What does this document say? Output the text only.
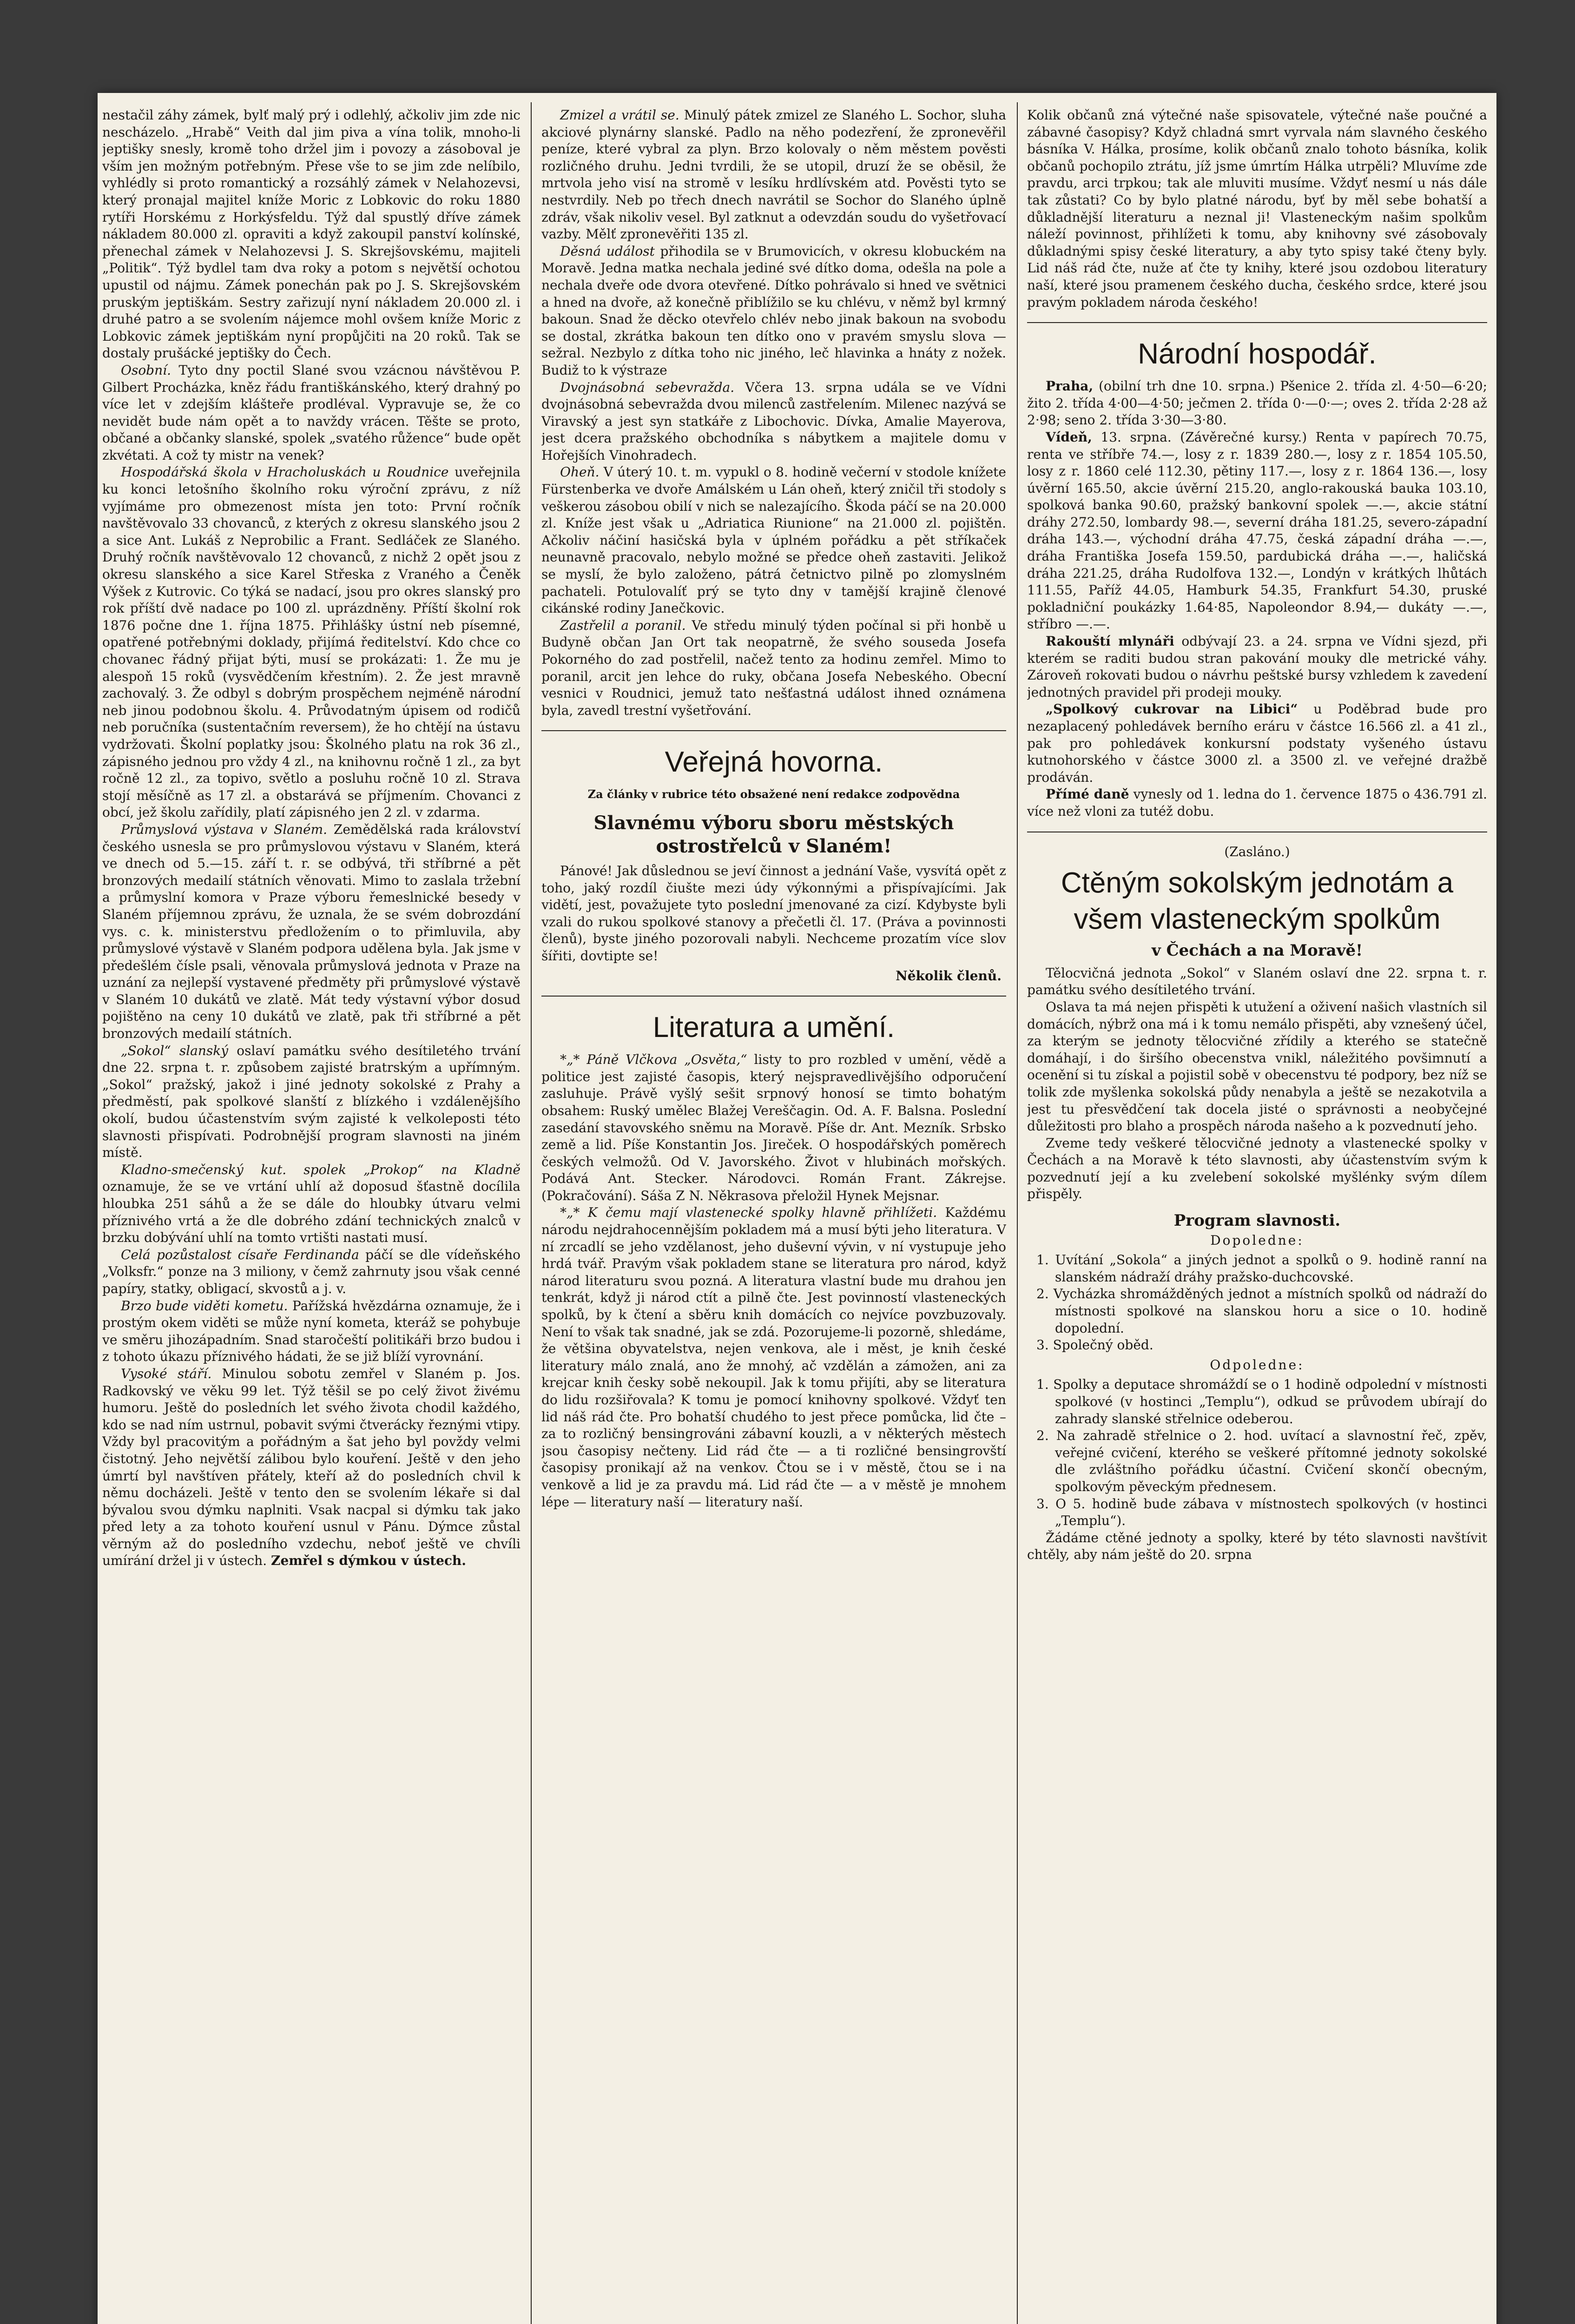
nestačil záhy zámek, bylť malý prý i odlehlý, ačkoliv jim zde nic nescházelo. „Hrabě“ Veith dal jim piva a vína tolik, mnoho-li jeptišky snesly, kromě toho držel jim i povozy a zásoboval je vším jen možným potřebným. Přese vše to se jim zde nelíbilo, vyhlédly si proto romantický a rozsáhlý zámek v Nelahozevsi, který pronajal majitel kníže Moric z Lobkovic do roku 1880 rytíři Horskému z Horkýsfeldu. Týž dal spustlý dříve zámek nákladem 80.000 zl. opraviti a když zakoupil panství kolínské, přenechal zámek v Nelahozevsi J. S. Skrejšovskému, majiteli „Politik“. Týž bydlel tam dva roky a potom s největší ochotou upustil od nájmu. Zámek ponechán pak po J. S. Skrejšovském pruským jeptiškám. Sestry zařizují nyní nákladem 20.000 zl. i druhé patro a se svolením nájemce mohl ovšem kníže Moric z Lobkovic zámek jeptiškám nyní propůjčiti na 20 roků. Tak se dostaly prušácké jeptišky do Čech.

Osobní. Tyto dny poctil Slané svou vzácnou návštěvou P. Gilbert Procházka, kněz řádu františkánského, který drahný po více let v zdejším klášteře prodléval. Vypravuje se, že co nevidět bude nám opět a to navždy vrácen. Těšte se proto, občané a občanky slanské, spolek „svatého růžence“ bude opět zkvétati. A což ty mistr na venek?

Hospodářská škola v Hracholuskách u Roudnice uveřejnila ku konci letošního školního roku výroční zprávu, z níž vyjímáme pro obmezenost místa jen toto: První ročník navštěvovalo 33 chovanců, z kterých z okresu slanského jsou 2 a sice Ant. Lukáš z Neprobilic a Frant. Sedláček ze Slaného. Druhý ročník navštěvovalo 12 chovanců, z nichž 2 opět jsou z okresu slanského a sice Karel Střeska z Vraného a Čeněk Výšek z Kutrovic. Co týká se nadací, jsou pro okres slanský pro rok příští dvě nadace po 100 zl. uprázdněny. Příští školní rok 1876 počne dne 1. října 1875. Přihlášky ústní neb písemné, opatřené potřebnými doklady, přijímá ředitelství. Kdo chce co chovanec řádný přijat býti, musí se prokázati: 1. Že mu je alespoň 15 roků (vysvědčením křestním). 2. Že jest mravně zachovalý. 3. Že odbyl s dobrým prospěchem nejméně národní neb jinou podobnou školu. 4. Průvodatným úpisem od rodičů neb poručníka (sustentačním reversem), že ho chtějí na ústavu vydržovati. Školní poplatky jsou: Školného platu na rok 36 zl., zápisného jednou pro vždy 4 zl., na knihovnu ročně 1 zl., za byt ročně 12 zl., za topivo, světlo a posluhu ročně 10 zl. Strava stojí měsíčně as 17 zl. a obstarává se příjmením. Chovanci z obcí, jež školu zařídily, platí zápisného jen 2 zl. v zdarma.

Průmyslová výstava v Slaném. Zemědělská rada království českého usnesla se pro průmyslovou výstavu v Slaném, která ve dnech od 5.—15. září t. r. se odbývá, tři stříbrné a pět bronzových medailí státních věnovati. Mimo to zaslala tržební a průmyslní komora v Praze výboru řemeslnické besedy v Slaném příjemnou zprávu, že uznala, že se svém dobrozdání vys. c. k. ministerstvu předložením o to přimluvila, aby průmyslové výstavě v Slaném podpora udělena byla. Jak jsme v předešlém čísle psali, věnovala průmyslová jednota v Praze na uznání za nejlepší vystavené předměty při průmyslové výstavě v Slaném 10 dukátů ve zlatě. Mát tedy výstavní výbor dosud pojištěno na ceny 10 dukátů ve zlatě, pak tři stříbrné a pět bronzových medailí státních.

„Sokol“ slanský oslaví památku svého desítiletého trvání dne 22. srpna t. r. způsobem zajisté bratrským a upřímným. „Sokol“ pražský, jakož i jiné jednoty sokolské z Prahy a předměstí, pak spolkové slanští z blízkého i vzdálenějšího okolí, budou účastenstvím svým zajisté k velkoleposti této slavnosti přispívati. Podrobnější program slavnosti na jiném místě.

Kladno-smečenský kut. spolek „Prokop“ na Kladně oznamuje, že se ve vrtání uhlí až doposud šťastně docílila hloubka 251 sáhů a že se dále do hloubky útvaru velmi příznivého vrtá a že dle dobrého zdání technických znalců v brzku dobývání uhlí na tomto vrtišti nastati musí.

Celá pozůstalost císaře Ferdinanda páčí se dle vídeňského „Volksfr.“ ponze na 3 miliony, v čemž zahrnuty jsou však cenné papíry, statky, obligací, skvostů a j. v.

Brzo bude viděti kometu. Pařížská hvězdárna oznamuje, že i prostým okem viděti se může nyní kometa, kteráž se pohybuje ve směru jihozápadním. Snad staročeští politikáři brzo budou i z tohoto úkazu příznivého hádati, že se již blíží vyrovnání.

Vysoké stáří. Minulou sobotu zemřel v Slaném p. Jos. Radkovský ve věku 99 let. Týž těšil se po celý život živému humoru. Ještě do posledních let svého života chodil každého, kdo se nad ním ustrnul, pobavit svými čtverácky řeznými vtipy. Vždy byl pracovitým a pořádným a šat jeho byl povždy velmi čistotný. Jeho největší zálibou bylo kouření. Ještě v den jeho úmrtí byl navštíven přátely, kteří až do posledních chvil k němu docházeli. Ještě v tento den se svolením lékaře si dal bývalou svou dýmku naplniti. Vsak nacpal si dýmku tak jako před lety a za tohoto kouření usnul v Pánu. Dýmce zůstal věrným až do posledního vzdechu, neboť ještě ve chvíli umírání držel ji v ústech. Zemřel s dýmkou v ústech.

Zmizel a vrátil se. Minulý pátek zmizel ze Slaného L. Sochor, sluha akciové plynárny slanské. Padlo na něho podezření, že zpronevěřil peníze, které vybral za plyn. Brzo kolovaly o něm městem pověsti rozličného druhu. Jedni tvrdili, že se utopil, druzí že se oběsil, že mrtvola jeho visí na stromě v lesíku hrdlívském atd. Pověsti tyto se nestvrdily. Neb po třech dnech navrátil se Sochor do Slaného úplně zdráv, však nikoliv vesel. Byl zatknut a odevzdán soudu do vyšetřovací vazby. Mělť zpronevěřiti 135 zl.

Děsná událost přihodila se v Brumovicích, v okresu klobuckém na Moravě. Jedna matka nechala jediné své dítko doma, odešla na pole a nechala dveře ode dvora otevřené. Dítko pohrávalo si hned ve světnici a hned na dvoře, až konečně přiblížilo se ku chlévu, v němž byl krmný bakoun. Snad že děcko otevřelo chlév nebo jinak bakoun na svobodu se dostal, zkrátka bakoun ten dítko ono v pravém smyslu slova — sežral. Nezbylo z dítka toho nic jiného, leč hlavinka a hnáty z nožek. Budiž to k výstraze

Dvojnásobná sebevražda. Včera 13. srpna udála se ve Vídni dvojnásobná sebevražda dvou milenců zastřelením. Milenec nazývá se Viravský a jest syn statkáře z Libochovic. Dívka, Amalie Mayerova, jest dcera pražského obchodníka s nábytkem a majitele domu v Hořejších Vinohradech.

Oheň. V úterý 10. t. m. vypukl o 8. hodině večerní v stodole knížete Fürstenberka ve dvoře Amálském u Lán oheň, který zničil tři stodoly s veškerou zásobou obilí v nich se nalezajícího. Škoda páčí se na 20.000 zl. Kníže jest však u „Adriatica Riunione“ na 21.000 zl. pojištěn. Ačkoliv náčiní hasičská byla v úplném pořádku a pět stříkaček neunavně pracovalo, nebylo možné se předce oheň zastaviti. Jelikož se myslí, že bylo založeno, pátrá četnictvo pilně po zlomyslném pachateli. Potulovalíť prý se tyto dny v tamější krajině členové cikánské rodiny Janečkovic.

Zastřelil a poranil. Ve středu minulý týden počínal si při honbě u Budyně občan Jan Ort tak neopatrně, že svého souseda Josefa Pokorného do zad postřelil, načež tento za hodinu zemřel. Mimo to poranil, arcit jen lehce do ruky, občana Josefa Nebeského. Obecní vesnici v Roudnici, jemuž tato nešťastná událost ihned oznámena byla, zavedl trestní vyšetřování.

Veřejná hovorna.
Za články v rubrice této obsažené není redakce zodpovědna
Slavnému výboru sboru městských ostrostřelců v Slaném!

Pánové! Jak důslednou se jeví činnost a jednání Vaše, vysvítá opět z toho, jaký rozdíl čiušte mezi údy výkonnými a přispívajícími. Jak vidětí, jest, považujete tyto poslední jmenované za cizí. Kdybyste byli vzali do rukou spolkové stanovy a přečetli čl. 17. (Práva a povinnosti členů), byste jiného pozorovali nabyli. Nechceme prozatím více slov šířiti, dovtipte se!

Několik členů.
Literatura a umění.

*„* Páně Vlčkova „Osvěta,“ listy to pro rozbled v umění, vědě a politice jest zajisté časopis, který nejspravedlivějšího odporučení zasluhuje. Právě vyšlý sešit srpnový honosí se timto bohatým obsahem: Ruský umělec Blažej Vereščagin. Od. A. F. Balsna. Poslední zasedání stavovského sněmu na Moravě. Píše dr. Ant. Mezník. Srbsko země a lid. Píše Konstantin Jos. Jireček. O hospodářských poměrech českých velmožů. Od V. Javorského. Život v hlubinách mořských. Podává Ant. Stecker. Národovci. Román Frant. Zákrejse. (Pokračování). Sáša Z N. Někrasova přeložil Hynek Mejsnar.

*„* K čemu mají vlastenecké spolky hlavně přihlížeti. Každému národu nejdrahocennějším pokladem má a musí býti jeho literatura. V ní zrcadlí se jeho vzdělanost, jeho duševní vývin, v ní vystupuje jeho hrdá tvář. Pravým však pokladem stane se literatura pro národ, když národ literaturu svou pozná. A literatura vlastní bude mu drahou jen tenkrát, když ji národ ctít a pilně čte. Jest povinností vlasteneckých spolků, by k čtení a sběru knih domácích co nejvíce povzbuzovaly. Není to však tak snadné, jak se zdá. Pozorujeme-li pozorně, shledáme, že většina obyvatelstva, nejen venkova, ale i měst, je knih české literatury málo znalá, ano že mnohý, ač vzdělán a zámožen, ani za krejcar knih česky sobě nekoupil. Jak k tomu přijíti, aby se literatura do lidu rozšiřovala? K tomu je pomocí knihovny spolkové. Vždyť ten lid náš rád čte. Pro bohatší chudého to jest přece pomůcka, lid čte – za to rozličný bensingrováni zábavní kouzli, a v některých městech jsou časopisy nečteny. Lid rád čte — a ti rozličné bensingrovští časopisy pronikají až na venkov. Čtou se i v městě, čtou se i na venkově a lid je za pravdu má. Lid rád čte — a v městě je mnohem lépe — literatury naší — literatury naší.

Kolik občanů zná výtečné naše spisovatele, výtečné naše poučné a zábavné časopisy? Když chladná smrt vyrvala nám slavného českého básníka V. Hálka, prosíme, kolik občanů znalo tohoto básníka, kolik občanů pochopilo ztrátu, jíž jsme úmrtím Hálka utrpěli? Mluvíme zde pravdu, arci trpkou; tak ale mluviti musíme. Vždyť nesmí u nás dále tak zůstati? Co by bylo platné národu, byť by měl sebe bohatší a důkladnější literaturu a neznal ji! Vlasteneckým našim spolkům náleží povinnost, přihlížeti k tomu, aby knihovny své zásobovaly důkladnými spisy české literatury, a aby tyto spisy také čteny byly. Lid náš rád čte, nuže ať čte ty knihy, které jsou ozdobou literatury naší, které jsou pramenem českého ducha, českého srdce, které jsou pravým pokladem národa českého!

Národní hospodář.

Praha, (obilní trh dne 10. srpna.) Pšenice 2. třída zl. 4·50—6·20; žito 2. třída 4·00—4·50; ječmen 2. třída 0·—0·—; oves 2. třída 2·28 až 2·98; seno 2. třída 3·30—3·80.

Vídeň, 13. srpna. (Závěrečné kursy.) Renta v papírech 70.75, renta ve stříbře 74.—, losy z r. 1839 280.—, losy z r. 1854 105.50, losy z r. 1860 celé 112.30, pětiny 117.—, losy z r. 1864 136.—, losy úvěrní 165.50, akcie úvěrní 215.20, anglo-rakouská bauka 103.10, spolková banka 90.60, pražský bankovní spolek —.—, akcie státní dráhy 272.50, lombardy 98.—, severní dráha 181.25, severo-západní dráha 143.—, východní dráha 47.75, česká západní dráha —.—, dráha Františka Josefa 159.50, pardubická dráha —.—, haličská dráha 221.25, dráha Rudolfova 132.—, Londýn v krátkých lhůtách 111.55, Paříž 44.05, Hamburk 54.35, Frankfurt 54.30, pruské pokladniční poukázky 1.64·85, Napoleondor 8.94,— dukáty —.—, stříbro —.—.

Rakouští mlynáři odbývají 23. a 24. srpna ve Vídni sjezd, při kterém se raditi budou stran pakování mouky dle metrické váhy. Zároveň rokovati budou o návrhu peštské bursy vzhledem k zavedení jednotných pravidel při prodeji mouky.

„Spolkový cukrovar na Libici“ u Poděbrad bude pro nezaplacený pohledávek berního eráru v částce 16.566 zl. a 41 zl., pak pro pohledávek konkursní podstaty vyšeného ústavu kutnohorského v částce 3000 zl. a 3500 zl. ve veřejné dražbě prodáván.

Přímé daně vynesly od 1. ledna do 1. července 1875 o 436.791 zl. více než vloni za tutéž dobu.

(Zasláno.)
Ctěným sokolským jednotám a všem vlasteneckým spolkům
v Čechách a na Moravě!

Tělocvičná jednota „Sokol“ v Slaném oslaví dne 22. srpna t. r. památku svého desítiletého trvání.

Oslava ta má nejen přispěti k utužení a oživení našich vlastních sil domácích, nýbrž ona má i k tomu nemálo přispěti, aby vznešený účel, za kterým se jednoty tělocvičné zřídily a kterého se statečně domáhají, i do širšího obecenstva vnikl, náležitého povšimnutí a ocenění si tu získal a pojistil sobě v obecenstvu té podpory, bez níž se tolik zde myšlenka sokolská půdy nenabyla a ještě se nezakotvila a jest tu přesvědčení tak docela jisté o správnosti a neobyčejné důležitosti pro blaho a prospěch národa našeho a k pozvednutí jeho.

Zveme tedy veškeré tělocvičné jednoty a vlastenecké spolky v Čechách a na Moravě k této slavnosti, aby účastenstvím svým k pozvednutí její a ku zvelebení sokolské myšlénky svým dílem přispěly.

Program slavnosti.
Dopoledne:

1. Uvítání „Sokola“ a jiných jednot a spolků o 9. hodině ranní na slanském nádraží dráhy pražsko-duchcovské.

2. Vycházka shromážděných jednot a místních spolků od nádraží do místnosti spolkové na slanskou horu a sice o 10. hodině dopolední.

3. Společný oběd.

Odpoledne:

1. Spolky a deputace shromáždí se o 1 hodině odpolední v místnosti spolkové (v hostinci „Templu“), odkud se průvodem ubírají do zahrady slanské střelnice odeberou.

2. Na zahradě střelnice o 2. hod. uvítací a slavnostní řeč, zpěv, veřejné cvičení, kterého se veškeré přítomné jednoty sokolské dle zvláštního pořádku účastní. Cvičení skončí obecným, spolkovým pěveckým přednesem.

3. O 5. hodině bude zábava v místnostech spolkových (v hostinci „Templu“).

Žádáme ctěné jednoty a spolky, které by této slavnosti navštívit chtěly, aby nám ještě do 20. srpna
